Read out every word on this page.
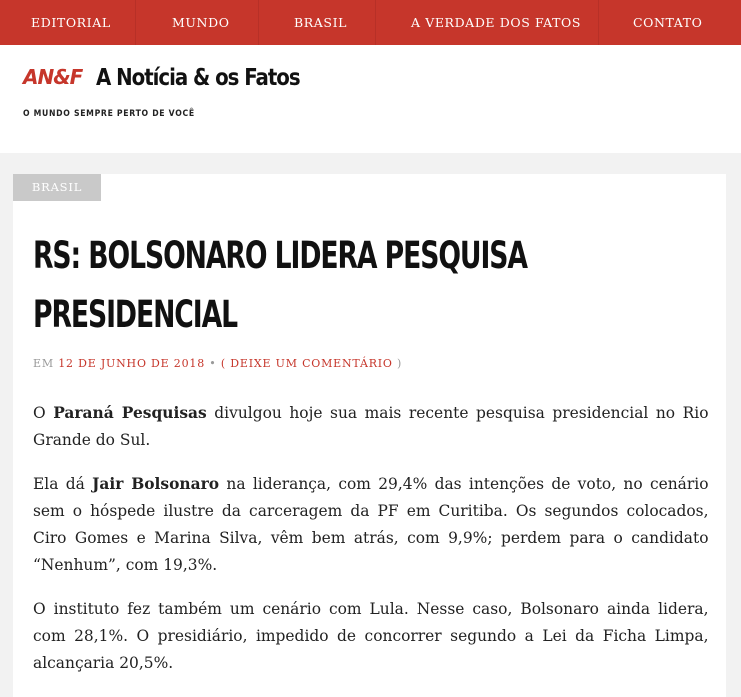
EDITORIAL	MUNDO	BRASIL	A VERDADE DOS FATOS	CONTATO
AN&F A Notícia & os Fatos
O MUNDO SEMPRE PERTO DE VOCÊ
BRASIL
RS: BOLSONARO LIDERA PESQUISA
PRESIDENCIAL
EM 12 DE JUNHO DE 2018 • ( DEIXE UM COMENTÁRIO )

O Paraná Pesquisas divulgou hoje sua mais recente pesquisa presidencial no Rio Grande do Sul.

Ela dá Jair Bolsonaro na liderança, com 29,4% das intenções de voto, no cenário sem o hóspede ilustre da carceragem da PF em Curitiba. Os segundos colocados, Ciro Gomes e Marina Silva, vêm bem atrás, com 9,9%; perdem para o candidato “Nenhum”, com 19,3%.

O instituto fez também um cenário com Lula. Nesse caso, Bolsonaro ainda lidera, com 28,1%. O presidiário, impedido de concorrer segundo a Lei da Ficha Limpa, alcançaria 20,5%.
